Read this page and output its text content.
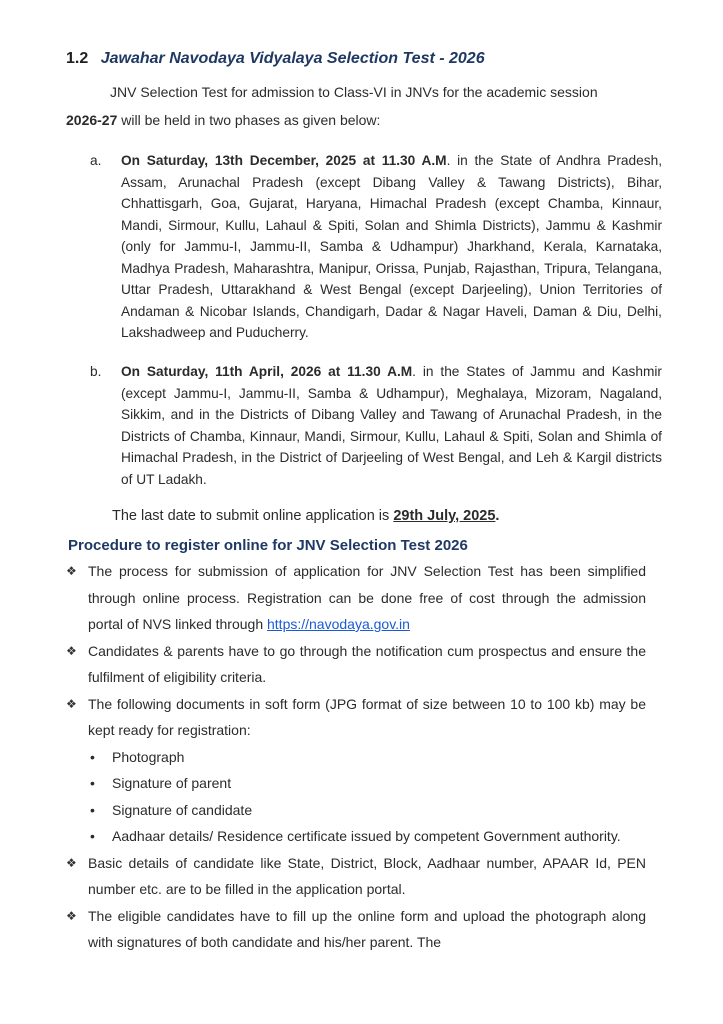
1.2 Jawahar Navodaya Vidyalaya Selection Test - 2026
JNV Selection Test for admission to Class-VI in JNVs for the academic session
2026-27 will be held in two phases as given below:

a. On Saturday, 13th December, 2025 at 11.30 A.M. in the State of Andhra Pradesh, Assam, Arunachal Pradesh (except Dibang Valley & Tawang Districts), Bihar, Chhattisgarh, Goa, Gujarat, Haryana, Himachal Pradesh (except Chamba, Kinnaur, Mandi, Sirmour, Kullu, Lahaul & Spiti, Solan and Shimla Districts), Jammu & Kashmir (only for Jammu-I, Jammu-II, Samba & Udhampur) Jharkhand, Kerala, Karnataka, Madhya Pradesh, Maharashtra, Manipur, Orissa, Punjab, Rajasthan, Tripura, Telangana, Uttar Pradesh, Uttarakhand & West Bengal (except Darjeeling), Union Territories of Andaman & Nicobar Islands, Chandigarh, Dadar & Nagar Haveli, Daman & Diu, Delhi, Lakshadweep and Puducherry.

b. On Saturday, 11th April, 2026 at 11.30 A.M. in the States of Jammu and Kashmir (except Jammu-I, Jammu-II, Samba & Udhampur), Meghalaya, Mizoram, Nagaland, Sikkim, and in the Districts of Dibang Valley and Tawang of Arunachal Pradesh, in the Districts of Chamba, Kinnaur, Mandi, Sirmour, Kullu, Lahaul & Spiti, Solan and Shimla of Himachal Pradesh, in the District of Darjeeling of West Bengal, and Leh & Kargil districts of UT Ladakh.

The last date to submit online application is 29th July, 2025.
Procedure to register online for JNV Selection Test 2026

❖ The process for submission of application for JNV Selection Test has been simplified through online process. Registration can be done free of cost through the admission portal of NVS linked through https://navodaya.gov.in

❖ Candidates & parents have to go through the notification cum prospectus and ensure the fulfilment of eligibility criteria.

❖ The following documents in soft form (JPG format of size between 10 to 100 kb) may be kept ready for registration:

• Photograph

• Signature of parent

• Signature of candidate

• Aadhaar details/ Residence certificate issued by competent Government authority.

❖ Basic details of candidate like State, District, Block, Aadhaar number, APAAR Id, PEN number etc. are to be filled in the application portal.

❖ The eligible candidates have to fill up the online form and upload the photograph along with signatures of both candidate and his/her parent. The
